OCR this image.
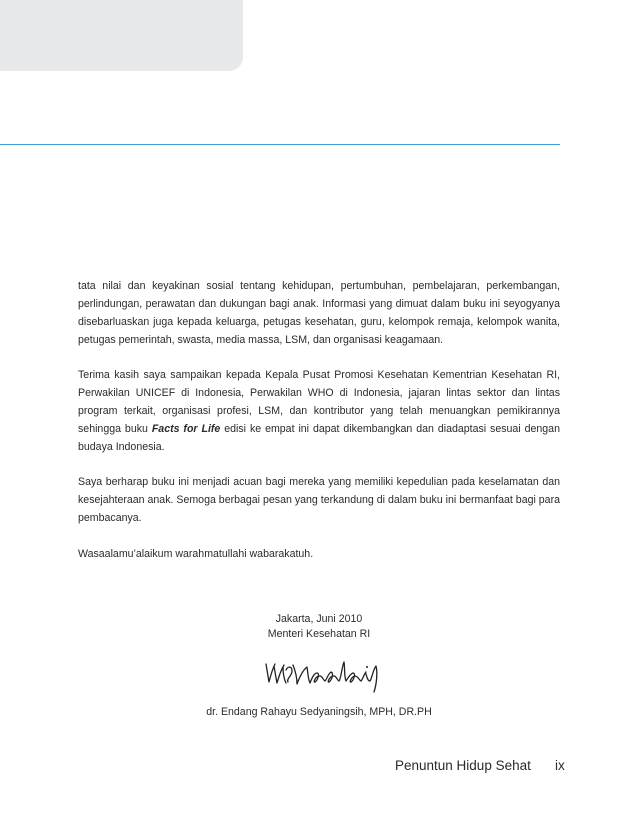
tata nilai dan keyakinan sosial tentang kehidupan, pertumbuhan, pembelajaran, perkembangan, perlindungan, perawatan dan dukungan bagi anak. Informasi yang dimuat dalam buku ini seyogyanya disebarluaskan juga kepada keluarga, petugas kesehatan, guru, kelompok remaja, kelompok wanita, petugas pemerintah, swasta, media massa, LSM, dan organisasi keagamaan.

Terima kasih saya sampaikan kepada Kepala Pusat Promosi Kesehatan Kementrian Kesehatan RI, Perwakilan UNICEF di Indonesia, Perwakilan WHO di Indonesia, jajaran lintas sektor dan lintas program terkait, organisasi profesi, LSM, dan kontributor yang telah menuangkan pemikirannya sehingga buku Facts for Life edisi ke empat ini dapat dikembangkan dan diadaptasi sesuai dengan budaya Indonesia.

Saya berharap buku ini menjadi acuan bagi mereka yang memiliki kepedulian pada keselamatan dan kesejahteraan anak. Semoga berbagai pesan yang terkandung di dalam buku ini bermanfaat bagi para pembacanya.

Wasaalamu’alaikum warahmatullahi wabarakatuh.

Jakarta, Juni 2010
Menteri Kesehatan RI
dr. Endang Rahayu Sedyaningsih, MPH, DR.PH
Penuntun Hidup Sehat ix
